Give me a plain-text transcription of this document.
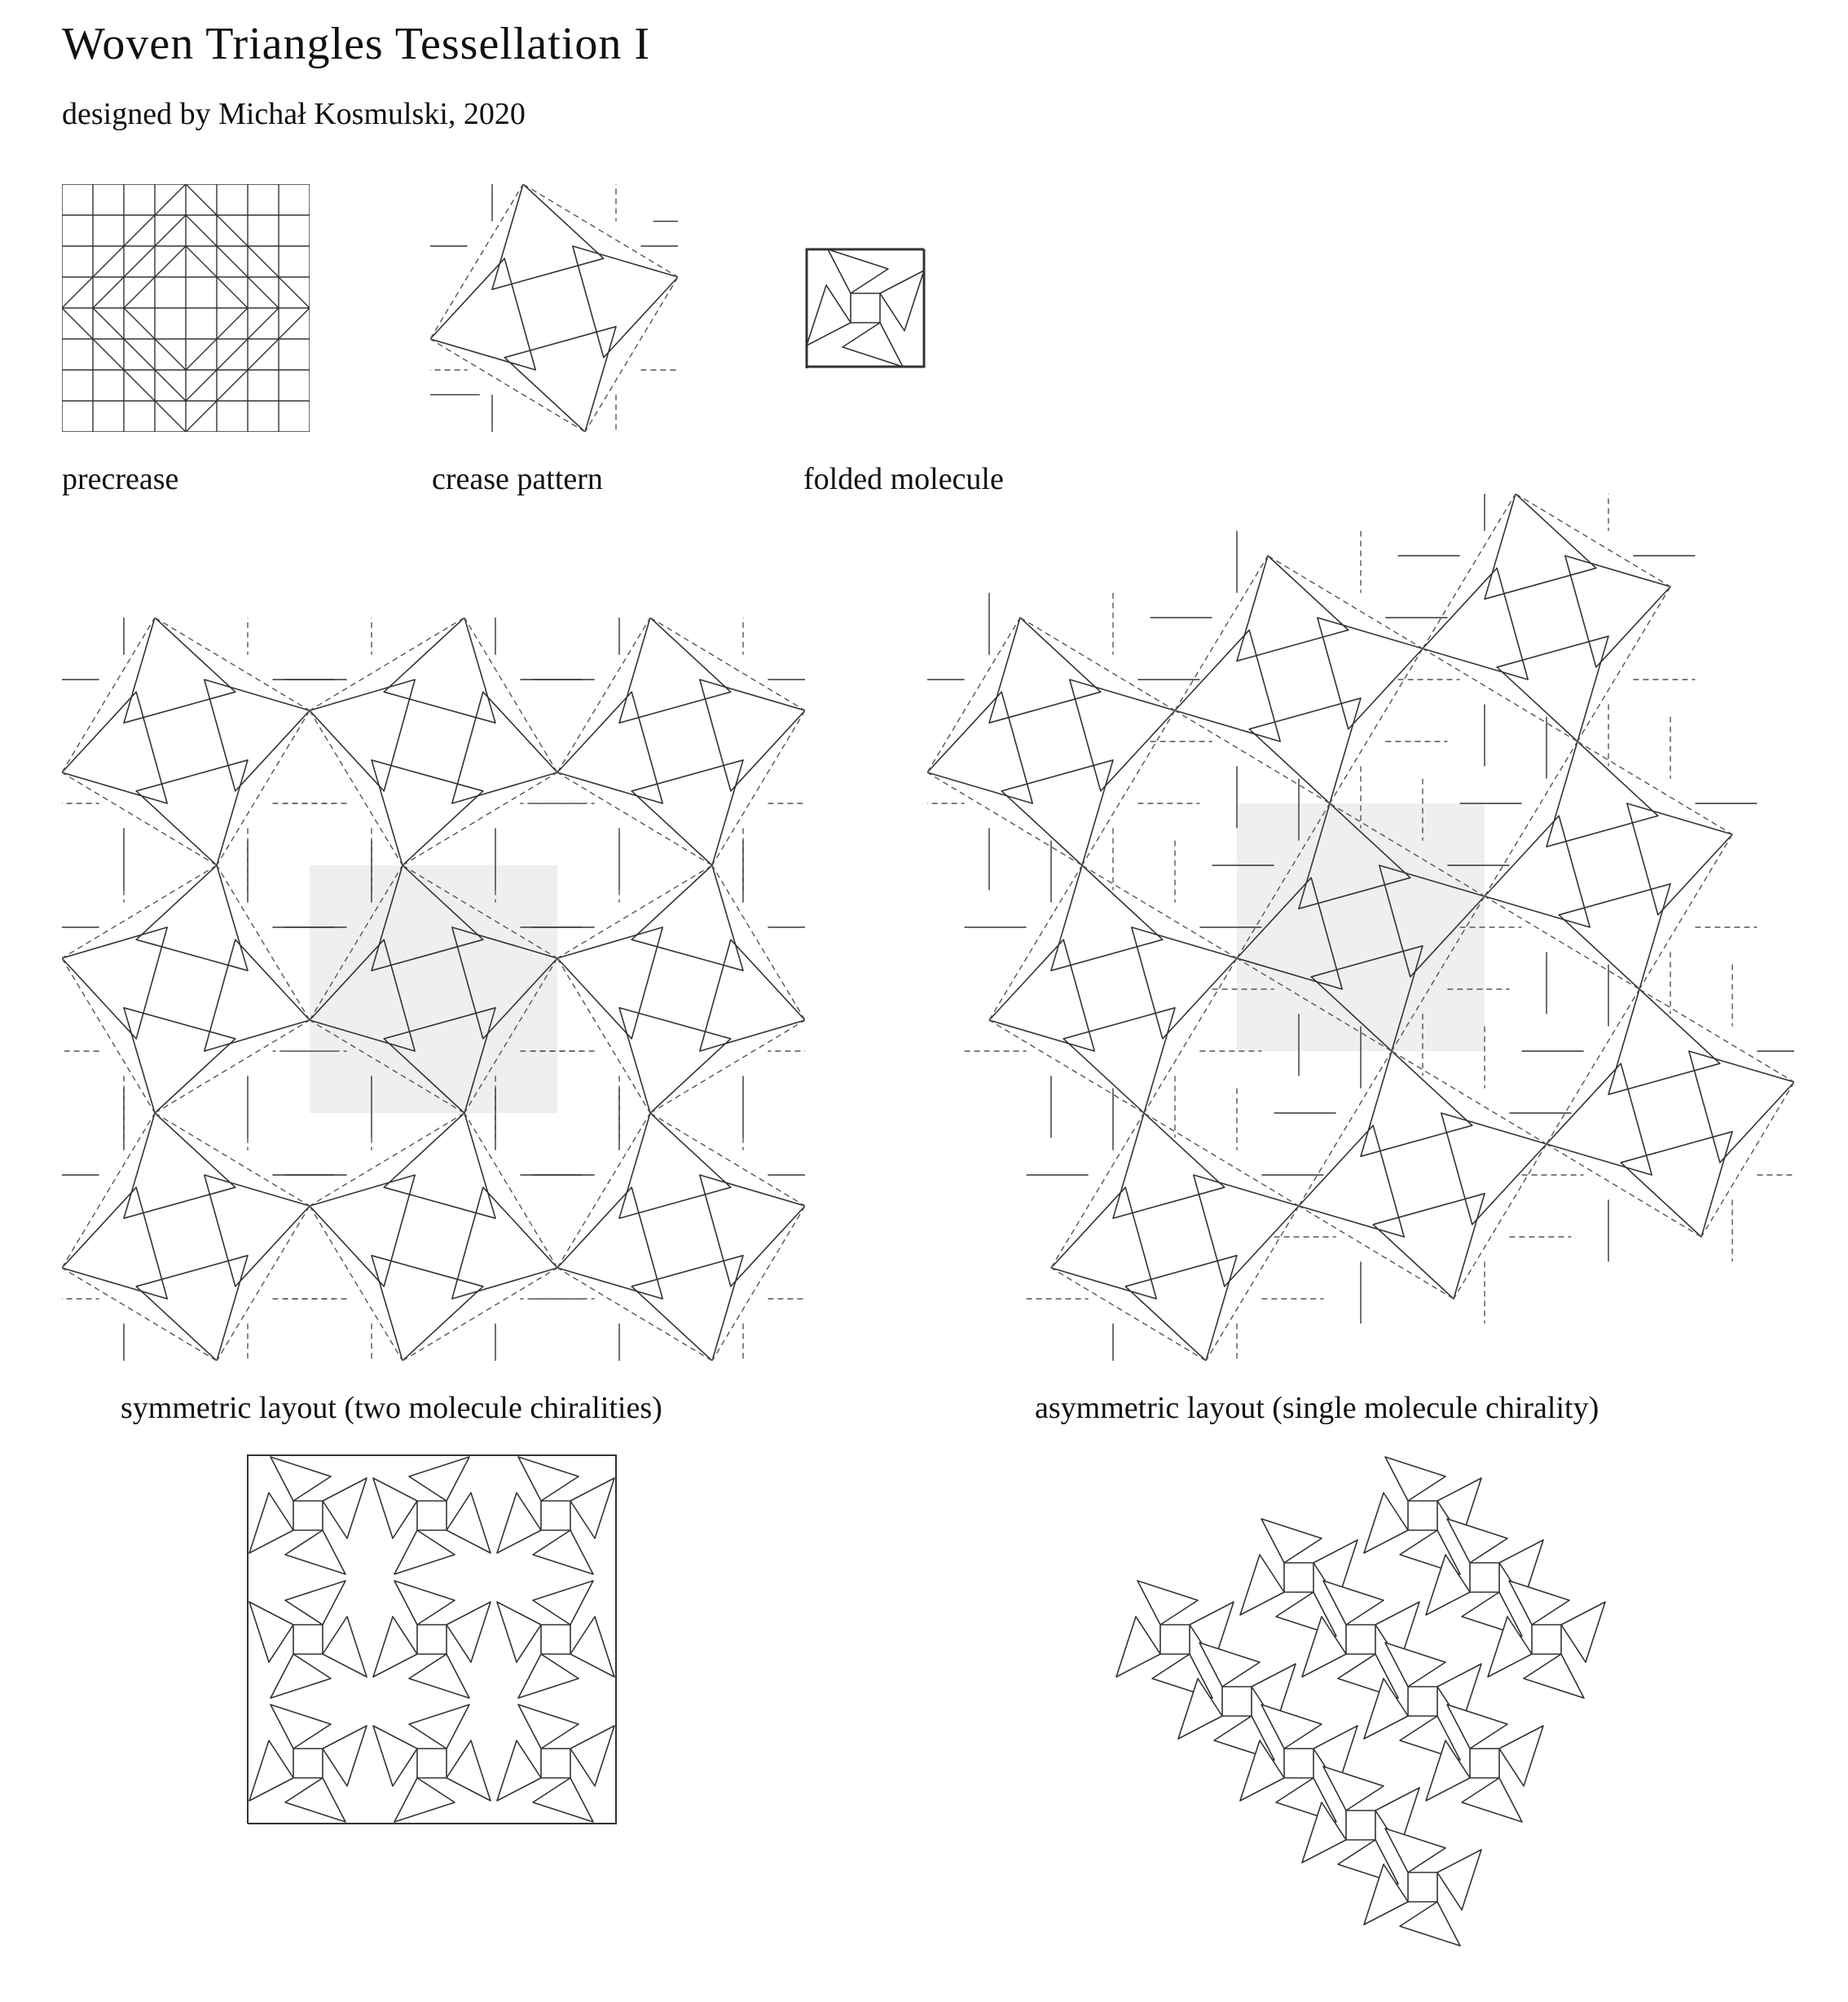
Woven Triangles Tessellation I

designed by Michał Kosmulski, 2020

precrease	crease pattern	folded molecule
symmetric layout (two molecule chiralities)	asymmetric layout (single molecule chirality)
